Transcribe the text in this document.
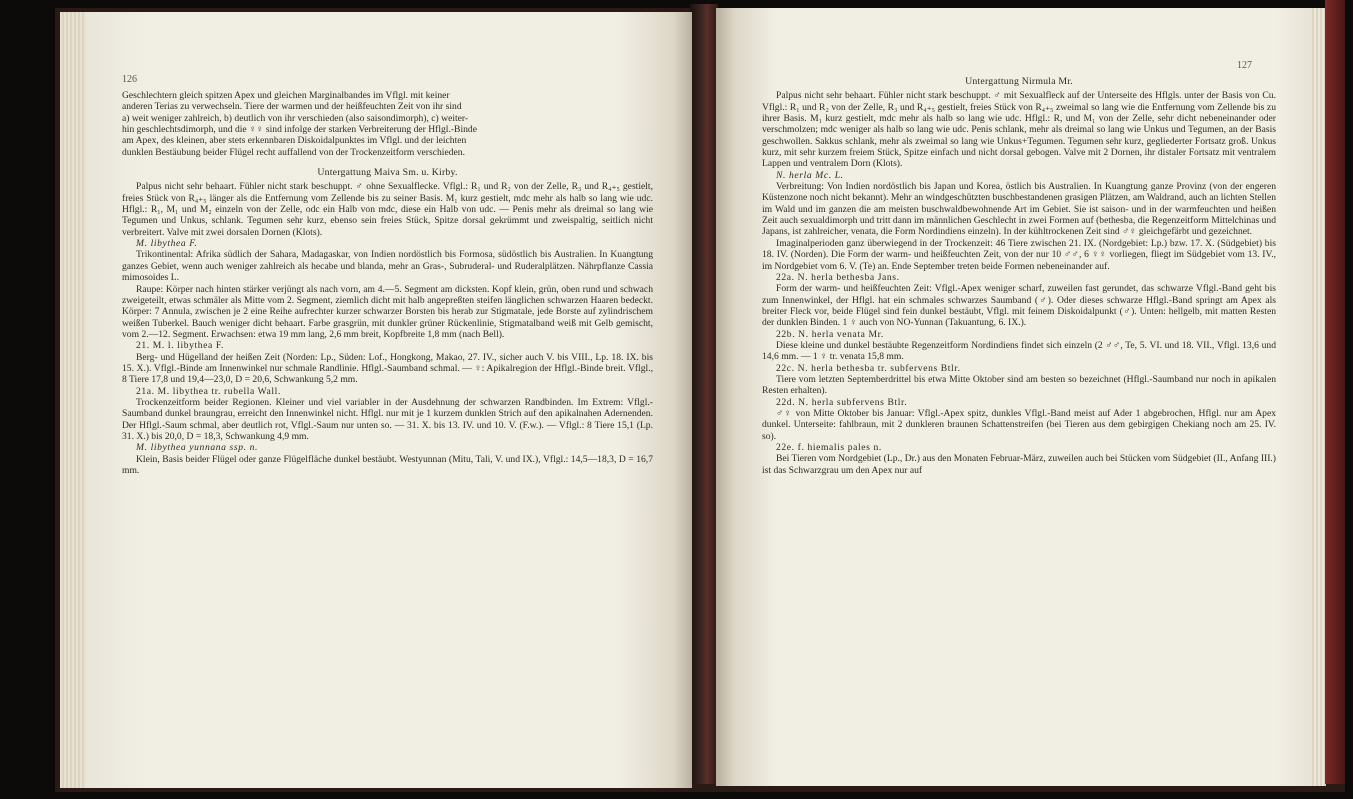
126

Geschlechtern gleich spitzen Apex und gleichen Marginalbandes im Vflgl. mit keiner

anderen Terias zu verwechseln. Tiere der warmen und der heißfeuchten Zeit von ihr sind

a) weit weniger zahlreich, b) deutlich von ihr verschieden (also saisondimorph), c) weiter-

hin geschlechtsdimorph, und die ♀♀ sind infolge der starken Verbreiterung der Hflgl.-Binde

am Apex, des kleinen, aber stets erkennbaren Diskoidalpunktes im Vflgl. und der leichten

dunklen Bestäubung beider Flügel recht auffallend von der Trockenzeitform verschieden.

Untergattung Maiva Sm. u. Kirby.

Palpus nicht sehr behaart. Fühler nicht stark beschuppt. ♂ ohne Sexualflecke. Vflgl.: R₁ und R₂ von der Zelle, R₃ und R₄₊₅ gestielt, freies Stück von R₄₊₅ länger als die Entfernung vom Zellende bis zu seiner Basis. M₁ kurz gestielt, mdc mehr als halb so lang wie udc. Hflgl.: R₁, M₁ und M₂ einzeln von der Zelle, odc ein Halb von mdc, diese ein Halb von udc. — Penis mehr als dreimal so lang wie Tegumen und Unkus, schlank. Tegumen sehr kurz, ebenso sein freies Stück, Spitze dorsal gekrümmt und zweispaltig, seitlich nicht verbreitert. Valve mit zwei dorsalen Dornen (Klots).

M. libythea F.

Trikontinental: Afrika südlich der Sahara, Madagaskar, von Indien nordöstlich bis Formosa, südöstlich bis Australien. In Kuangtung ganzes Gebiet, wenn auch weniger zahlreich als hecabe und blanda, mehr an Gras-, Subruderal- und Ruderalplätzen. Nährpflanze Cassia mimosoides L.

Raupe: Körper nach hinten stärker verjüngt als nach vorn, am 4.—5. Segment am dicksten. Kopf klein, grün, oben rund und schwach zweigeteilt, etwas schmäler als Mitte vom 2. Segment, ziemlich dicht mit halb angepreßten steifen länglichen schwarzen Haaren bedeckt. Körper: 7 Annula, zwischen je 2 eine Reihe aufrechter kurzer schwarzer Borsten bis herab zur Stigmatale, jede Borste auf zylindrischem weißen Tuberkel. Bauch weniger dicht behaart. Farbe grasgrün, mit dunkler grüner Rückenlinie, Stigmatalband weiß mit Gelb gemischt, vom 2.—12. Segment. Erwachsen: etwa 19 mm lang, 2,6 mm breit, Kopfbreite 1,8 mm (nach Bell).

21. M. l. libythea F.

Berg- und Hügelland der heißen Zeit (Norden: Lp., Süden: Lof., Hongkong, Makao, 27. IV., sicher auch V. bis VIII., Lp. 18. IX. bis 15. X.). Vflgl.-Binde am Innenwinkel nur schmale Randlinie. Hflgl.-Saumband schmal. — ♀: Apikalregion der Hflgl.-Binde breit. Vflgl., 8 Tiere 17,8 und 19,4—23,0, D = 20,6, Schwankung 5,2 mm.

21a. M. libythea tr. rubella Wall.

Trockenzeitform beider Regionen. Kleiner und viel variabler in der Ausdehnung der schwarzen Randbinden. Im Extrem: Vflgl.-Saumband dunkel braungrau, erreicht den Innenwinkel nicht. Hflgl. nur mit je 1 kurzem dunklen Strich auf den apikalnahen Adernenden. Der Hflgl.-Saum schmal, aber deutlich rot, Vflgl.-Saum nur unten so. — 31. X. bis 13. IV. und 10. V. (F.w.). — Vflgl.: 8 Tiere 15,1 (Lp. 31. X.) bis 20,0, D = 18,3, Schwankung 4,9 mm.

M. libythea yunnana ssp. n.

Klein, Basis beider Flügel oder ganze Flügelfläche dunkel bestäubt. Westyunnan (Mitu, Tali, V. und IX.), Vflgl.: 14,5—18,3, D = 16,7 mm.

127
Untergattung Nirmula Mr.

Palpus nicht sehr behaart. Fühler nicht stark beschuppt. ♂ mit Sexualfleck auf der Unterseite des Hflgls. unter der Basis von Cu. Vflgl.: R₁ und R₂ von der Zelle, R₃ und R₄₊₅ gestielt, freies Stück von R₄₊₅ zweimal so lang wie die Entfernung vom Zellende bis zu ihrer Basis. M₁ kurz gestielt, mdc mehr als halb so lang wie udc. Hflgl.: R, und M₁ von der Zelle, sehr dicht nebeneinander oder verschmolzen; mdc weniger als halb so lang wie udc. Penis schlank, mehr als dreimal so lang wie Unkus und Tegumen, an der Basis geschwollen. Sakkus schlank, mehr als zweimal so lang wie Unkus+Tegumen. Tegumen sehr kurz, gegliederter Fortsatz groß. Unkus kurz, mit sehr kurzem freiem Stück, Spitze einfach und nicht dorsal gebogen. Valve mit 2 Dornen, ihr distaler Fortsatz mit ventralem Lappen und ventralem Dorn (Klots).

N. herla Mc. L.

Verbreitung: Von Indien nordöstlich bis Japan und Korea, östlich bis Australien. In Kuangtung ganze Provinz (von der engeren Küstenzone noch nicht bekannt). Mehr an windgeschützten buschbestandenen grasigen Plätzen, am Waldrand, auch an lichten Stellen im Wald und im ganzen die am meisten buschwaldbewohnende Art im Gebiet. Sie ist saison- und in der warmfeuchten und heißen Zeit auch sexualdimorph und tritt dann im männlichen Geschlecht in zwei Formen auf (bethesba, die Regenzeitform Mittelchinas und Japans, ist zahlreicher, venata, die Form Nordindiens einzeln). In der kühltrockenen Zeit sind ♂♀ gleichgefärbt und gezeichnet.

Imaginalperioden ganz überwiegend in der Trockenzeit: 46 Tiere zwischen 21. IX. (Nordgebiet: Lp.) bzw. 17. X. (Südgebiet) bis 18. IV. (Norden). Die Form der warm- und heißfeuchten Zeit, von der nur 10 ♂♂, 6 ♀♀ vorliegen, fliegt im Südgebiet vom 13. IV., im Nordgebiet vom 6. V. (Te) an. Ende September treten beide Formen nebeneinander auf.

22a. N. herla bethesba Jans.

Form der warm- und heißfeuchten Zeit: Vflgl.-Apex weniger scharf, zuweilen fast gerundet, das schwarze Vflgl.-Band geht bis zum Innenwinkel, der Hflgl. hat ein schmales schwarzes Saumband (♂). Oder dieses schwarze Hflgl.-Band springt am Apex als breiter Fleck vor, beide Flügel sind fein dunkel bestäubt, Vflgl. mit feinem Diskoidalpunkt (♂). Unten: hellgelb, mit matten Resten der dunklen Binden. 1 ♀ auch von NO-Yunnan (Takuantung, 6. IX.).

22b. N. herla venata Mr.

Diese kleine und dunkel bestäubte Regenzeitform Nordindiens findet sich einzeln (2 ♂♂, Te, 5. VI. und 18. VII., Vflgl. 13,6 und 14,6 mm. — 1 ♀ tr. venata 15,8 mm.

22c. N. herla bethesba tr. subfervens Btlr.

Tiere vom letzten Septemberdrittel bis etwa Mitte Oktober sind am besten so bezeichnet (Hflgl.-Saumband nur noch in apikalen Resten erhalten).

22d. N. herla subfervens Btlr.

♂♀ von Mitte Oktober bis Januar: Vflgl.-Apex spitz, dunkles Vflgl.-Band meist auf Ader 1 abgebrochen, Hflgl. nur am Apex dunkel. Unterseite: fahlbraun, mit 2 dunkleren braunen Schattenstreifen (bei Tieren aus dem gebirgigen Chekiang noch am 25. IV. so).

22e. f. hiemalis pales n.

Bei Tieren vom Nordgebiet (Lp., Dr.) aus den Monaten Februar-März, zuweilen auch bei Stücken vom Südgebiet (II., Anfang III.) ist das Schwarzgrau um den Apex nur auf
